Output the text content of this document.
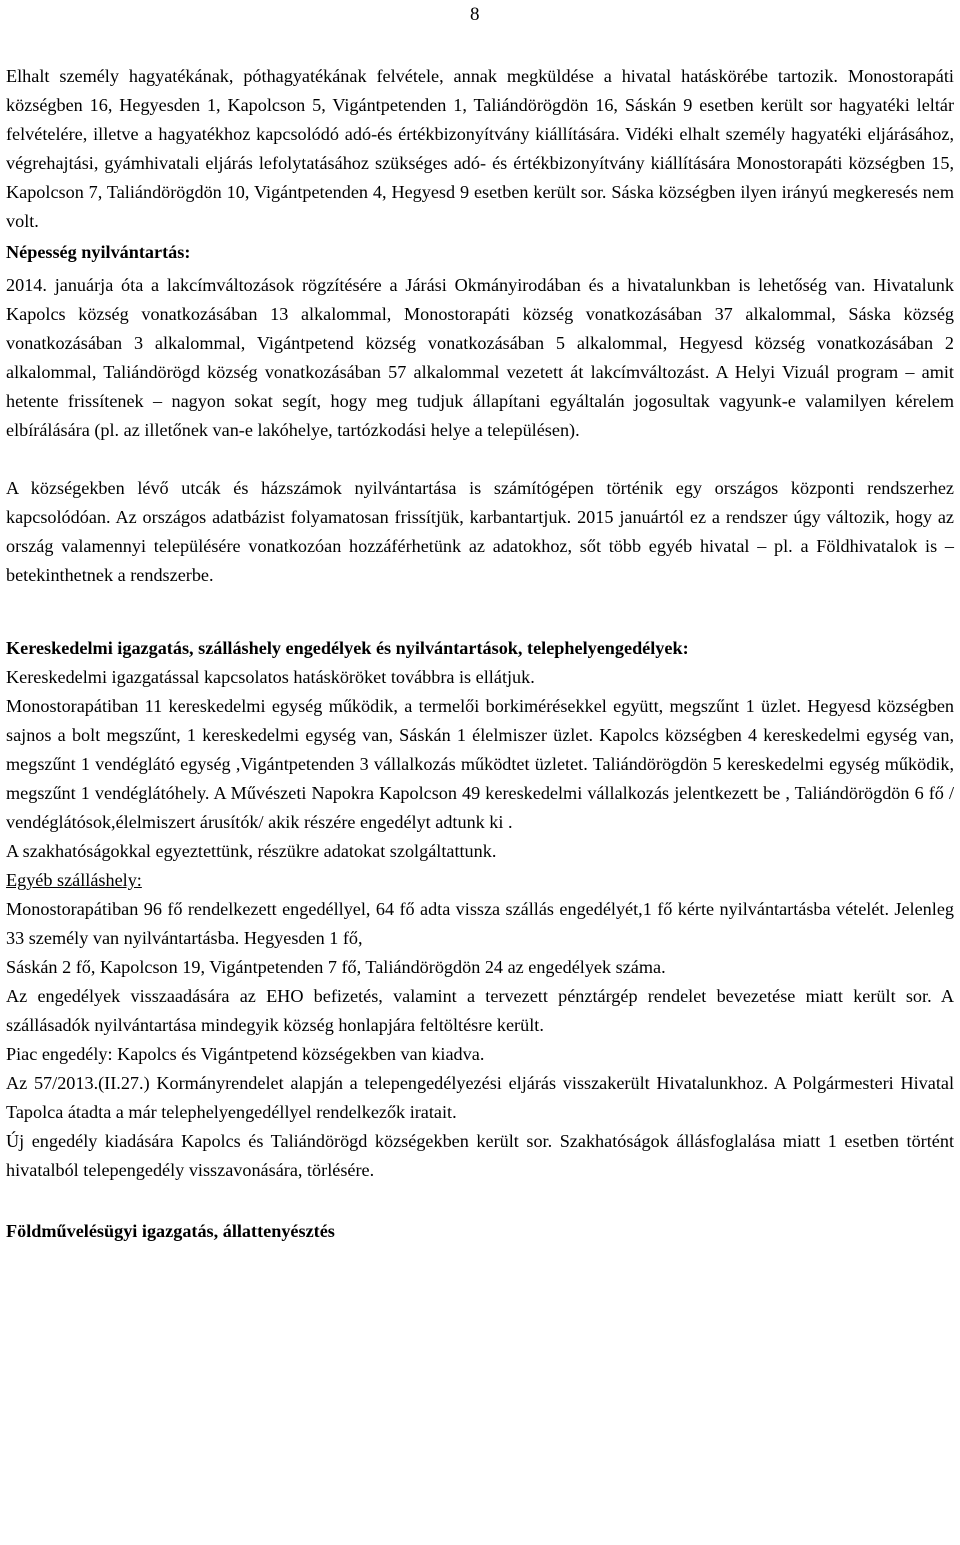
8

Elhalt személy hagyatékának, póthagyatékának felvétele, annak megküldése a hivatal hatáskörébe tartozik. Monostorapáti községben 16, Hegyesden 1, Kapolcson 5, Vigántpetenden 1, Taliándörögdön 16, Sáskán 9 esetben került sor hagyatéki leltár felvételére, illetve a hagyatékhoz kapcsolódó adó-és értékbizonyítvány kiállítására. Vidéki elhalt személy hagyatéki eljárásához, végrehajtási, gyámhivatali eljárás lefolytatásához szükséges adó- és értékbizonyítvány kiállítására Monostorapáti községben 15, Kapolcson 7, Taliándörögdön 10, Vigántpetenden 4, Hegyesd 9 esetben került sor. Sáska községben ilyen irányú megkeresés nem volt.

Népesség nyilvántartás:

2014. januárja óta a lakcímváltozások rögzítésére a Járási Okmányirodában és a hivatalunkban is lehetőség van. Hivatalunk Kapolcs község vonatkozásában 13 alkalommal, Monostorapáti község vonatkozásában 37 alkalommal, Sáska község vonatkozásában 3 alkalommal, Vigántpetend község vonatkozásában 5 alkalommal, Hegyesd község vonatkozásában 2 alkalommal, Taliándörögd község vonatkozásában 57 alkalommal vezetett át lakcímváltozást. A Helyi Vizuál program – amit hetente frissítenek – nagyon sokat segít, hogy meg tudjuk állapítani egyáltalán jogosultak vagyunk-e valamilyen kérelem elbírálására (pl. az illetőnek van-e lakóhelye, tartózkodási helye a településen).

A községekben lévő utcák és házszámok nyilvántartása is számítógépen történik egy országos központi rendszerhez kapcsolódóan. Az országos adatbázist folyamatosan frissítjük, karbantartjuk. 2015 januártól ez a rendszer úgy változik, hogy az ország valamennyi településére vonatkozóan hozzáférhetünk az adatokhoz, sőt több egyéb hivatal – pl. a Földhivatalok is – betekinthetnek a rendszerbe.

Kereskedelmi igazgatás, szálláshely engedélyek és nyilvántartások, telephelyengedélyek:

Kereskedelmi igazgatással kapcsolatos hatásköröket továbbra is ellátjuk.

Monostorapátiban 11 kereskedelmi egység működik, a termelői borkimérésekkel együtt, megszűnt 1 üzlet. Hegyesd községben sajnos a bolt megszűnt, 1 kereskedelmi egység van, Sáskán 1 élelmiszer üzlet. Kapolcs községben 4 kereskedelmi egység van, megszűnt 1 vendéglátó egység ,Vigántpetenden 3 vállalkozás működtet üzletet. Taliándörögdön 5 kereskedelmi egység működik, megszűnt 1 vendéglátóhely. A Művészeti Napokra Kapolcson 49 kereskedelmi vállalkozás jelentkezett be , Taliándörögdön 6 fő / vendéglátósok,élelmiszert árusítók/ akik részére engedélyt adtunk ki .

A szakhatóságokkal egyeztettünk, részükre adatokat szolgáltattunk.

Egyéb szálláshely:

Monostorapátiban 96 fő rendelkezett engedéllyel, 64 fő adta vissza szállás engedélyét,1 fő kérte nyilvántartásba vételét. Jelenleg 33 személy van nyilvántartásba. Hegyesden 1 fő,

Sáskán 2 fő, Kapolcson 19, Vigántpetenden 7 fő, Taliándörögdön 24 az engedélyek száma.

Az engedélyek visszaadására az EHO befizetés, valamint a tervezett pénztárgép rendelet bevezetése miatt került sor. A szállásadók nyilvántartása mindegyik község honlapjára feltöltésre került.

Piac engedély: Kapolcs és Vigántpetend községekben van kiadva.

Az 57/2013.(II.27.) Kormányrendelet alapján a telepengedélyezési eljárás visszakerült Hivatalunkhoz. A Polgármesteri Hivatal Tapolca átadta a már telephelyengedéllyel rendelkezők iratait.

Új engedély kiadására Kapolcs és Taliándörögd községekben került sor. Szakhatóságok állásfoglalása miatt 1 esetben történt hivatalból telepengedély visszavonására, törlésére.

Földművelésügyi igazgatás, állattenyésztés
